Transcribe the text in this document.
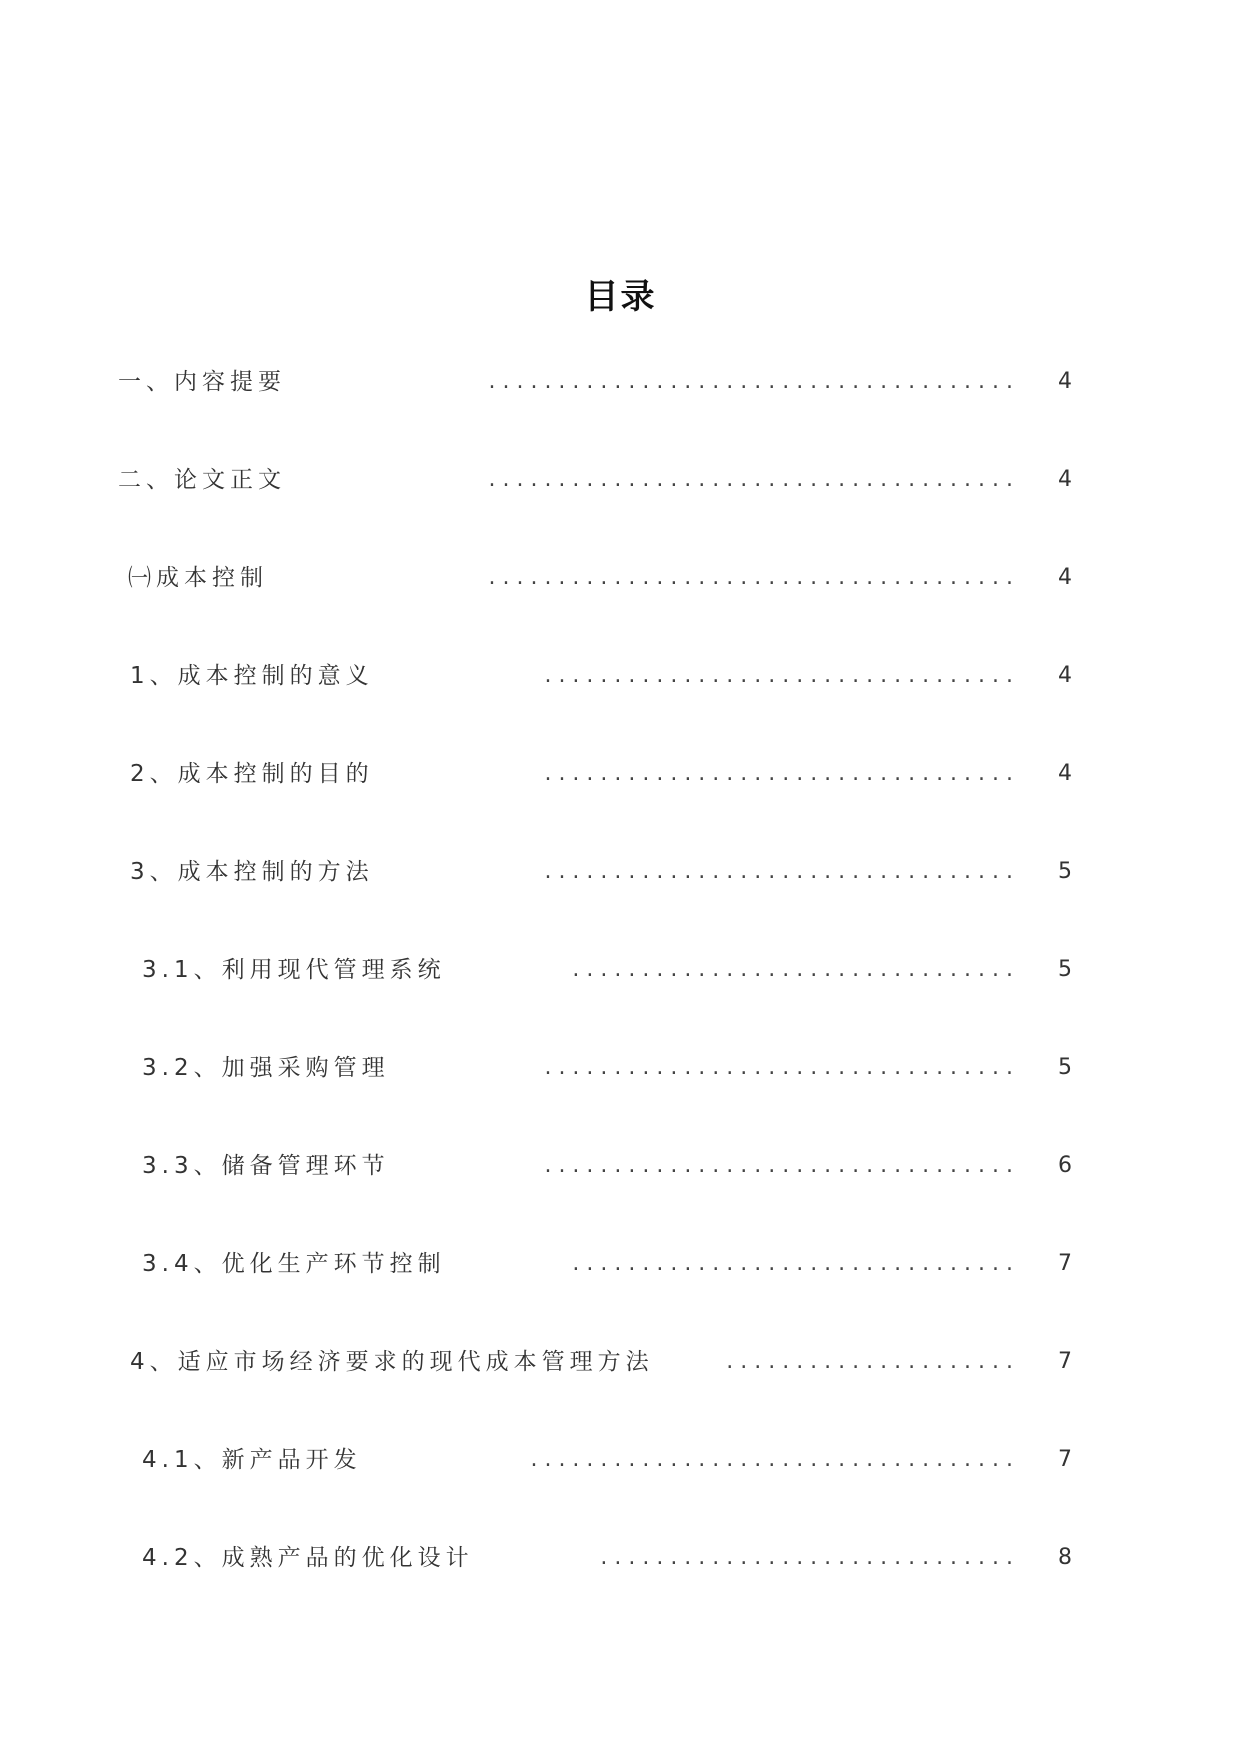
目录
一、内容提要	. . . . . . . . . . . . . . . . . . . . . . . . . . . . . . . . . . . . . .	4
二、论文正文	. . . . . . . . . . . . . . . . . . . . . . . . . . . . . . . . . . . . . .	4
㈠成本控制	. . . . . . . . . . . . . . . . . . . . . . . . . . . . . . . . . . . . . .	4
1、成本控制的意义	. . . . . . . . . . . . . . . . . . . . . . . . . . . . . . . . . .	4
2、成本控制的目的	. . . . . . . . . . . . . . . . . . . . . . . . . . . . . . . . . .	4
3、成本控制的方法	. . . . . . . . . . . . . . . . . . . . . . . . . . . . . . . . . .	5
3.1、利用现代管理系统	. . . . . . . . . . . . . . . . . . . . . . . . . . . . . . . .	5
3.2、加强采购管理	. . . . . . . . . . . . . . . . . . . . . . . . . . . . . . . . . .	5
3.3、储备管理环节	. . . . . . . . . . . . . . . . . . . . . . . . . . . . . . . . . .	6
3.4、优化生产环节控制	. . . . . . . . . . . . . . . . . . . . . . . . . . . . . . . .	7
4、适应市场经济要求的现代成本管理方法	. . . . . . . . . . . . . . . . . . . . .	7
4.1、新产品开发	. . . . . . . . . . . . . . . . . . . . . . . . . . . . . . . . . . .	7
4.2、成熟产品的优化设计	. . . . . . . . . . . . . . . . . . . . . . . . . . . . . .	8
